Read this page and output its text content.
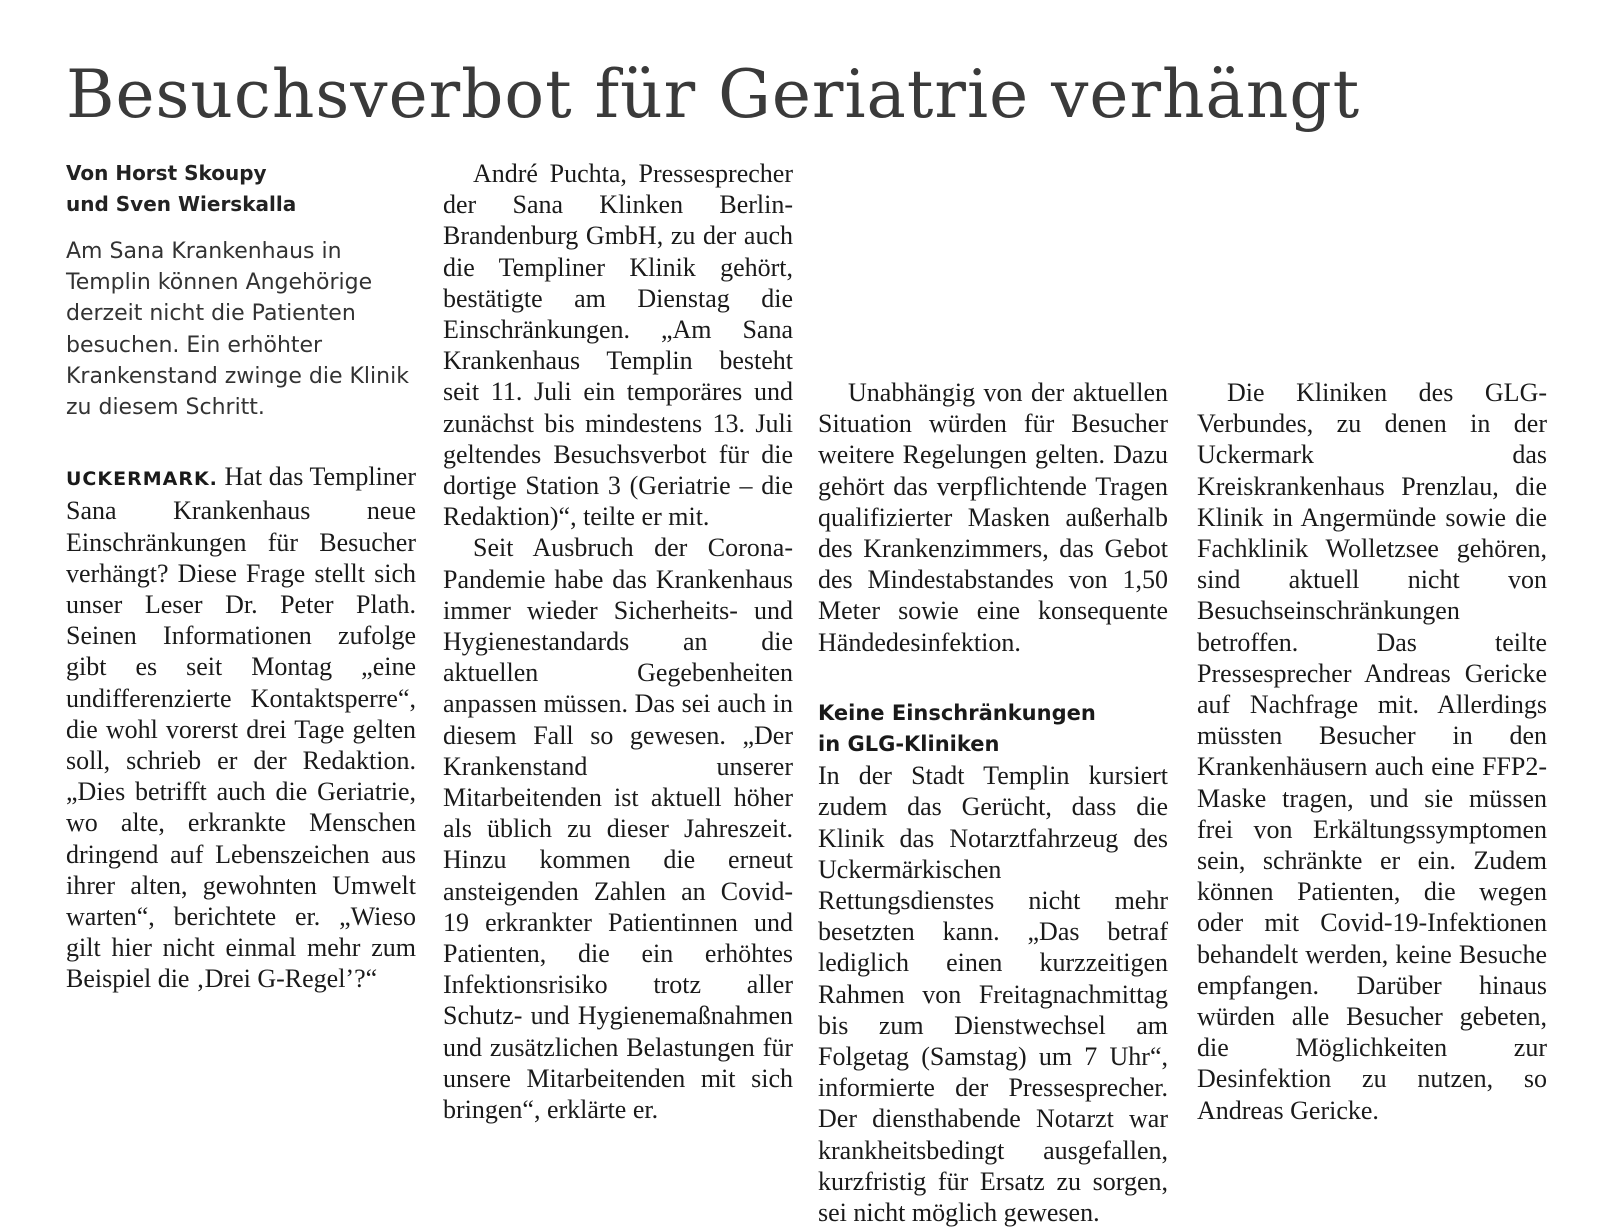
Besuchsverbot für Geriatrie verhängt
Von Horst Skoupy
und Sven Wierskalla

Am Sana Krankenhaus in Templin können Angehörige derzeit nicht die Patienten besuchen. Ein erhöhter Krankenstand zwinge die Klinik zu diesem Schritt.

UCKERMARK. Hat das Templiner Sana Krankenhaus neue Einschränkungen für Besucher verhängt? Diese Frage stellt sich unser Leser Dr. Peter Plath. Seinen Informationen zufolge gibt es seit Montag „eine undifferenzierte Kontaktsperre“, die wohl vorerst drei Tage gelten soll, schrieb er der Redaktion. „Dies betrifft auch die Geriatrie, wo alte, erkrankte Menschen dringend auf Lebenszeichen aus ihrer alten, gewohnten Umwelt warten“, berichtete er. „Wieso gilt hier nicht einmal mehr zum Beispiel die ‚Drei G-Regel’?“

André Puchta, Pressesprecher der Sana Klinken Berlin-Brandenburg GmbH, zu der auch die Templiner Klinik gehört, bestätigte am Dienstag die Einschränkungen. „Am Sana Krankenhaus Templin besteht seit 11. Juli ein temporäres und zunächst bis mindestens 13. Juli geltendes Besuchsverbot für die dortige Station 3 (Geriatrie – die Redaktion)“, teilte er mit.

Seit Ausbruch der Corona-Pandemie habe das Krankenhaus immer wieder Sicherheits- und Hygienestandards an die aktuellen Gegebenheiten anpassen müssen. Das sei auch in diesem Fall so gewesen. „Der Krankenstand unserer Mitarbeitenden ist aktuell höher als üblich zu dieser Jahreszeit. Hinzu kommen die erneut ansteigenden Zahlen an Covid-19 erkrankter Patientinnen und Patienten, die ein erhöhtes Infektionsrisiko trotz aller Schutz- und Hygienemaßnahmen und zusätzlichen Belastungen für unsere Mitarbeitenden mit sich bringen“, erklärte er.

Unabhängig von der aktuellen Situation würden für Besucher weitere Regelungen gelten. Dazu gehört das verpflichtende Tragen qualifizierter Masken außerhalb des Krankenzimmers, das Gebot des Mindestabstandes von 1,50 Meter sowie eine konsequente Händedesinfektion.

Keine Einschränkungen
in GLG-Kliniken

In der Stadt Templin kursiert zudem das Gerücht, dass die Klinik das Notarztfahrzeug des Uckermärkischen Rettungsdienstes nicht mehr besetzten kann. „Das betraf lediglich einen kurzzeitigen Rahmen von Freitagnachmittag bis zum Dienstwechsel am Folgetag (Samstag) um 7 Uhr“, informierte der Pressesprecher. Der diensthabende Notarzt war krankheitsbedingt ausgefallen, kurzfristig für Ersatz zu sorgen, sei nicht möglich gewesen.

Die Kliniken des GLG-Verbundes, zu denen in der Uckermark das Kreiskrankenhaus Prenzlau, die Klinik in Angermünde sowie die Fachklinik Wolletzsee gehören, sind aktuell nicht von Besuchseinschränkungen betroffen. Das teilte Pressesprecher Andreas Gericke auf Nachfrage mit. Allerdings müssten Besucher in den Krankenhäusern auch eine FFP2-Maske tragen, und sie müssen frei von Erkältungssymptomen sein, schränkte er ein. Zudem können Patienten, die wegen oder mit Covid-19-Infektionen behandelt werden, keine Besuche empfangen. Darüber hinaus würden alle Besucher gebeten, die Möglichkeiten zur Desinfektion zu nutzen, so Andreas Gericke.
